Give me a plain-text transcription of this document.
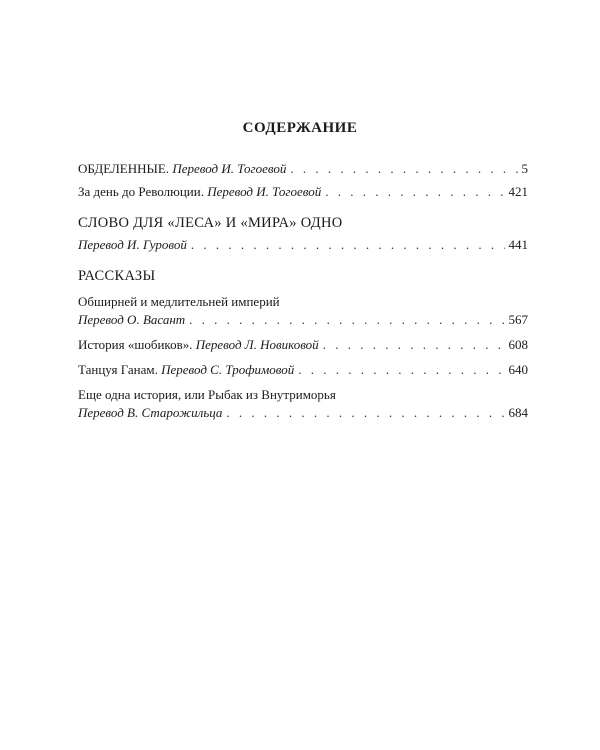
СОДЕРЖАНИЕ
ОБДЕЛЕННЫЕ. Перевод И. Тогоевой . . .	5
За день до Революции. Перевод И. Тогоевой . . .	421
СЛОВО ДЛЯ «ЛЕСА» И «МИРА» ОДНО
Перевод И. Гуровой . . .	441
РАССКАЗЫ
Обширней и медлительней империй
Перевод О. Васант . . .	567
История «шобиков». Перевод Л. Новиковой . . .	608
Танцуя Ганам. Перевод С. Трофимовой . . .	640
Еще одна история, или Рыбак из Внутриморья
Перевод В. Старожильца . . .	684
